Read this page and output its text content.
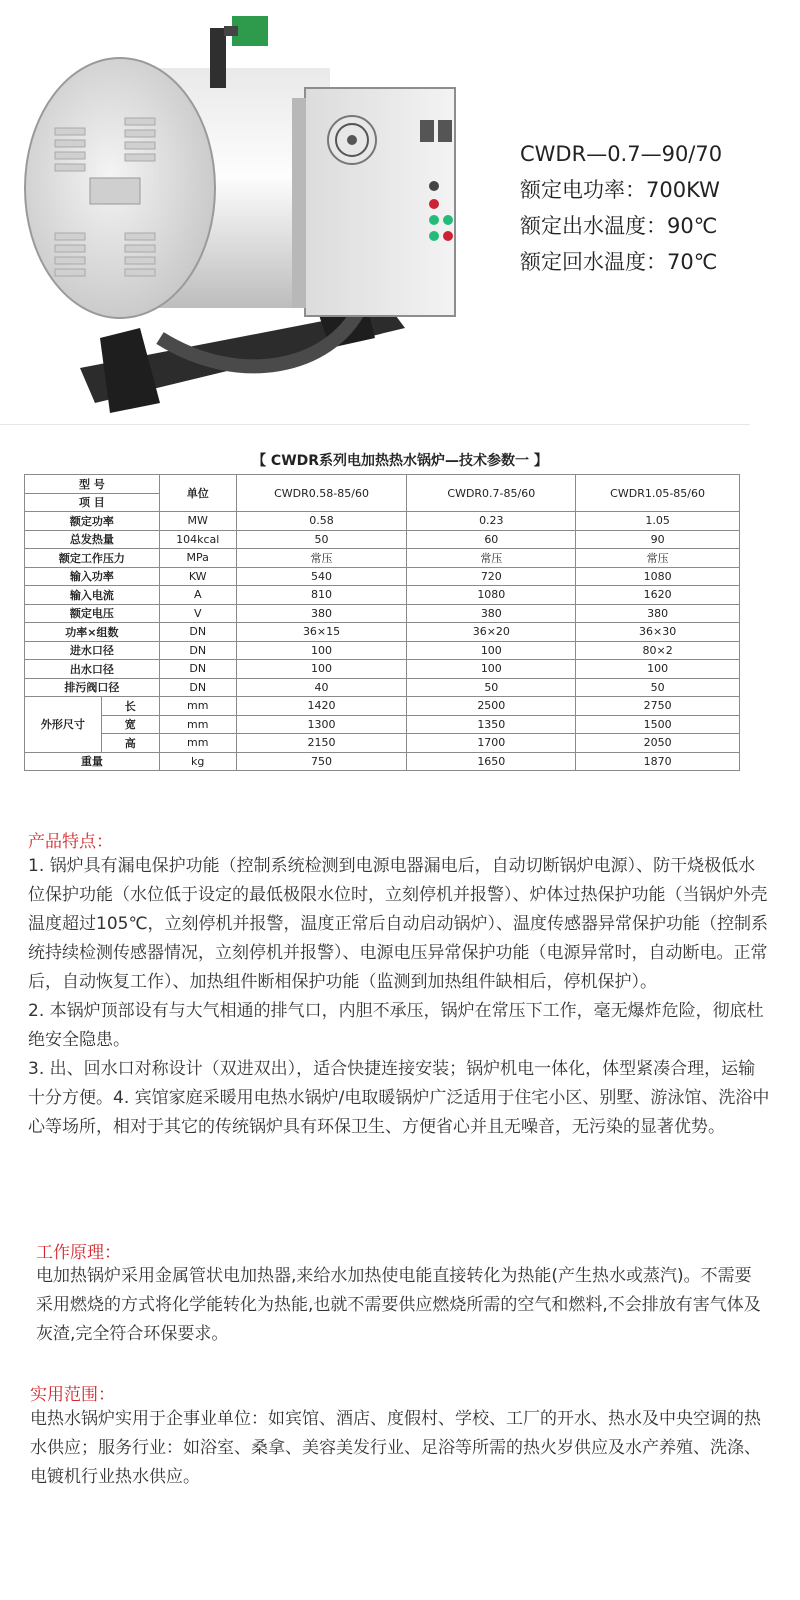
CWDR—0.7—90/70
额定电功率：700KW
额定出水温度：90℃
额定回水温度：70℃
【 CWDR系列电加热热水锅炉—技术参数一 】
型 号		单位	CWDR0.58-85/60	CWDR0.7-85/60	CWDR1.05-85/60
项 目					
额定功率		MW	0.58	0.23	1.05
总发热量		104kcal	50	60	90
额定工作压力		MPa	常压	常压	常压
输入功率		KW	540	720	1080
输入电流		A	810	1080	1620
额定电压		V	380	380	380
功率×组数		DN	36×15	36×20	36×30
进水口径		DN	100	100	80×2
出水口径		DN	100	100	100
排污阀口径		DN	40	50	50
外形尺寸	长	mm	1420	2500	2750
	宽	mm	1300	1350	1500
	高	mm	2150	1700	2050
重量		kg	750	1650	1870
产品特点：

1. 锅炉具有漏电保护功能（控制系统检测到电源电器漏电后，自动切断锅炉电源）、防干烧极低水位保护功能（水位低于设定的最低极限水位时，立刻停机并报警）、炉体过热保护功能（当锅炉外壳温度超过105℃，立刻停机并报警，温度正常后自动启动锅炉）、温度传感器异常保护功能（控制系统持续检测传感器情况，立刻停机并报警）、电源电压异常保护功能（电源异常时，自动断电。正常后，自动恢复工作）、加热组件断相保护功能（监测到加热组件缺相后，停机保护）。

2. 本锅炉顶部设有与大气相通的排气口，内胆不承压，锅炉在常压下工作，毫无爆炸危险，彻底杜绝安全隐患。

3. 出、回水口对称设计（双进双出），适合快捷连接安装；锅炉机电一体化，体型紧凑合理，运输十分方便。4. 宾馆家庭采暖用电热水锅炉/电取暖锅炉广泛适用于住宅小区、别墅、游泳馆、洗浴中心等场所，相对于其它的传统锅炉具有环保卫生、方便省心并且无噪音，无污染的显著优势。

工作原理：
电加热锅炉采用金属管状电加热器,来给水加热使电能直接转化为热能(产生热水或蒸汽)。不需要采用燃烧的方式将化学能转化为热能,也就不需要供应燃烧所需的空气和燃料,不会排放有害气体及灰渣,完全符合环保要求。
实用范围：
电热水锅炉实用于企事业单位：如宾馆、酒店、度假村、学校、工厂的开水、热水及中央空调的热水供应；服务行业：如浴室、桑拿、美容美发行业、足浴等所需的热火岁供应及水产养殖、洗涤、电镀机行业热水供应。
